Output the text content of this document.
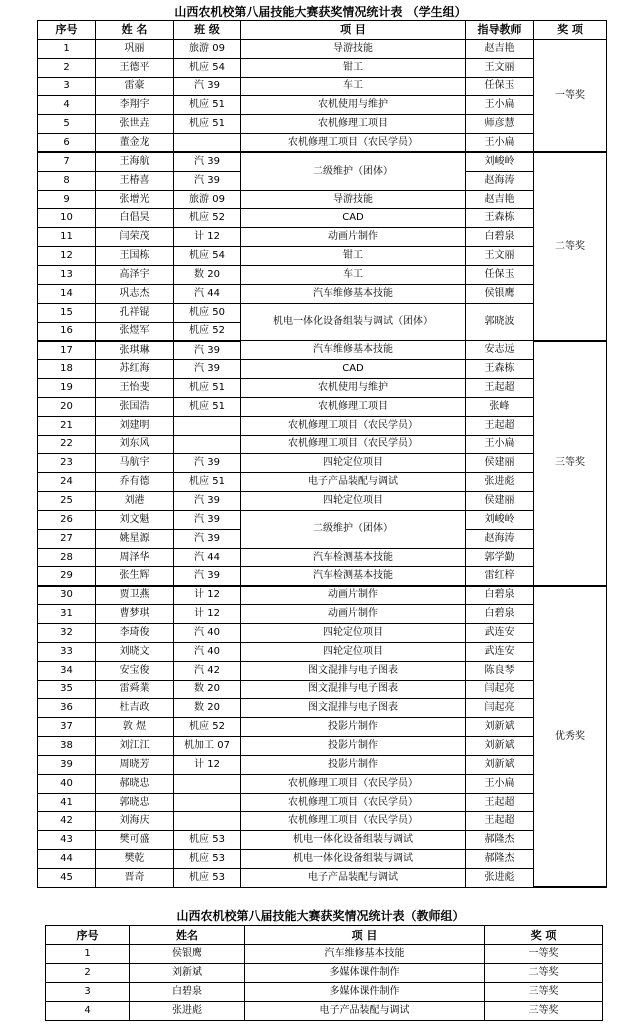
山西农机校第八届技能大赛获奖情况统计表 （学生组）
序号	姓 名	班 级	项 目	指导教师	奖 项
1	巩丽	旅游 09	导游技能	赵吉艳	一等奖
2	王德平	机应 54	钳工	王文丽	
3	雷豪	汽 39	车工	任保玉	
4	李翔宇	机应 51	农机使用与维护	王小扁	
5	张世垚	机应 51	农机修理工项目	师彦慧	
6	董金龙		农机修理工项目（农民学员）	王小扁	
7	王海航	汽 39	二级维护（团体）	刘峻岭	二等奖
8	王椿喜	汽 39		赵海涛	
9	张增光	旅游 09	导游技能	赵吉艳	
10	白倡昊	机应 52	CAD	王森栋	
11	闫荣茂	计 12	动画片制作	白碧泉	
12	王国栋	机应 54	钳工	王文丽	
13	高泽宇	数 20	车工	任保玉	
14	巩志杰	汽 44	汽车维修基本技能	侯银鹰	
15	孔祥锟	机应 50	机电一体化设备组装与调试（团体）	郭晓波	
16	张煜军	机应 52			
17	张琪琳	汽 39	汽车维修基本技能	安志远	三等奖
18	苏红海	汽 39	CAD	王森栋	
19	王怡斐	机应 51	农机使用与维护	王起超	
20	张国浩	机应 51	农机修理工项目	张峰	
21	刘建明		农机修理工项目（农民学员）	王起超	
22	刘东风		农机修理工项目（农民学员）	王小扁	
23	马航宇	汽 39	四轮定位项目	侯建丽	
24	乔有德	机应 51	电子产品装配与调试	张进彪	
25	刘港	汽 39	四轮定位项目	侯建丽	
26	刘文魁	汽 39	二级维护（团体）	刘峻岭	
27	姚星源	汽 39		赵海涛	
28	周泽华	汽 44	汽车检测基本技能	郭学勤	
29	张生辉	汽 39	汽车检测基本技能	雷红梓	
30	贾卫燕	计 12	动画片制作	白碧泉	优秀奖
31	曹梦琪	计 12	动画片制作	白碧泉	
32	李琦俊	汽 40	四轮定位项目	武连安	
33	刘晓文	汽 40	四轮定位项目	武连安	
34	安宝俊	汽 42	图文混排与电子图表	陈良琴	
35	雷舜業	数 20	图文混排与电子图表	闫起亮	
36	杜吉政	数 20	图文混排与电子图表	闫起亮	
37	敦 煜	机应 52	投影片制作	刘新斌	
38	刘江江	机加工 07	投影片制作	刘新斌	
39	周晓芳	计 12	投影片制作	刘新斌	
40	郝晓忠		农机修理工项目（农民学员）	王小扁	
41	郭晓忠		农机修理工项目（农民学员）	王起超	
42	刘海庆		农机修理工项目（农民学员）	王起超	
43	樊可盛	机应 53	机电一体化设备组装与调试	郝隆杰	
44	樊乾	机应 53	机电一体化设备组装与调试	郝隆杰	
45	晋奇	机应 53	电子产品装配与调试	张进彪	
山西农机校第八届技能大赛获奖情况统计表（教师组）
序号	姓名	项 目	奖 项
1	侯银鹰	汽车维修基本技能	一等奖
2	刘新斌	多媒体课件制作	二等奖
3	白碧泉	多媒体课件制作	三等奖
4	张进彪	电子产品装配与调试	三等奖
